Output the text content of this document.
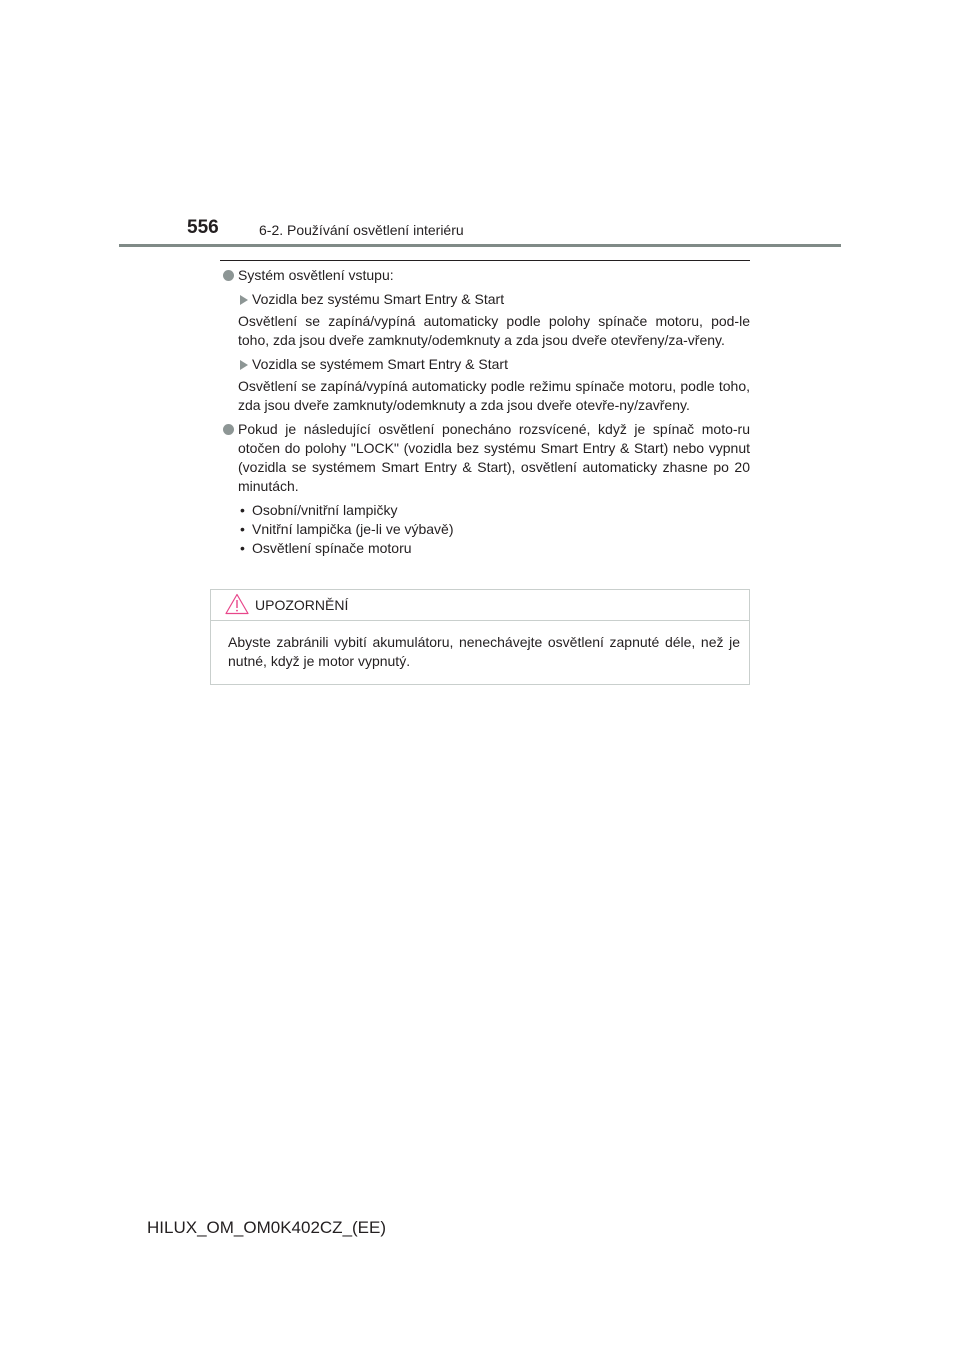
556	6-2. Používání osvětlení interiéru
Systém osvětlení vstupu:
Vozidla bez systému Smart Entry & Start
Osvětlení se zapíná/vypíná automaticky podle polohy spínače motoru, pod-le toho, zda jsou dveře zamknuty/odemknuty a zda jsou dveře otevřeny/za-vřeny.
Vozidla se systémem Smart Entry & Start
Osvětlení se zapíná/vypíná automaticky podle režimu spínače motoru, podle toho, zda jsou dveře zamknuty/odemknuty a zda jsou dveře otevře-ny/zavřeny.
Pokud je následující osvětlení ponecháno rozsvícené, když je spínač moto-ru otočen do polohy "LOCK" (vozidla bez systému Smart Entry & Start) nebo vypnut (vozidla se systémem Smart Entry & Start), osvětlení automaticky zhasne po 20 minutách.
• Osobní/vnitřní lampičky
• Vnitřní lampička (je-li ve výbavě)
• Osvětlení spínače motoru
UPOZORNĚNÍ
Abyste zabránili vybití akumulátoru, nenechávejte osvětlení zapnuté déle, než je nutné, když je motor vypnutý.
HILUX_OM_OM0K402CZ_(EE)
